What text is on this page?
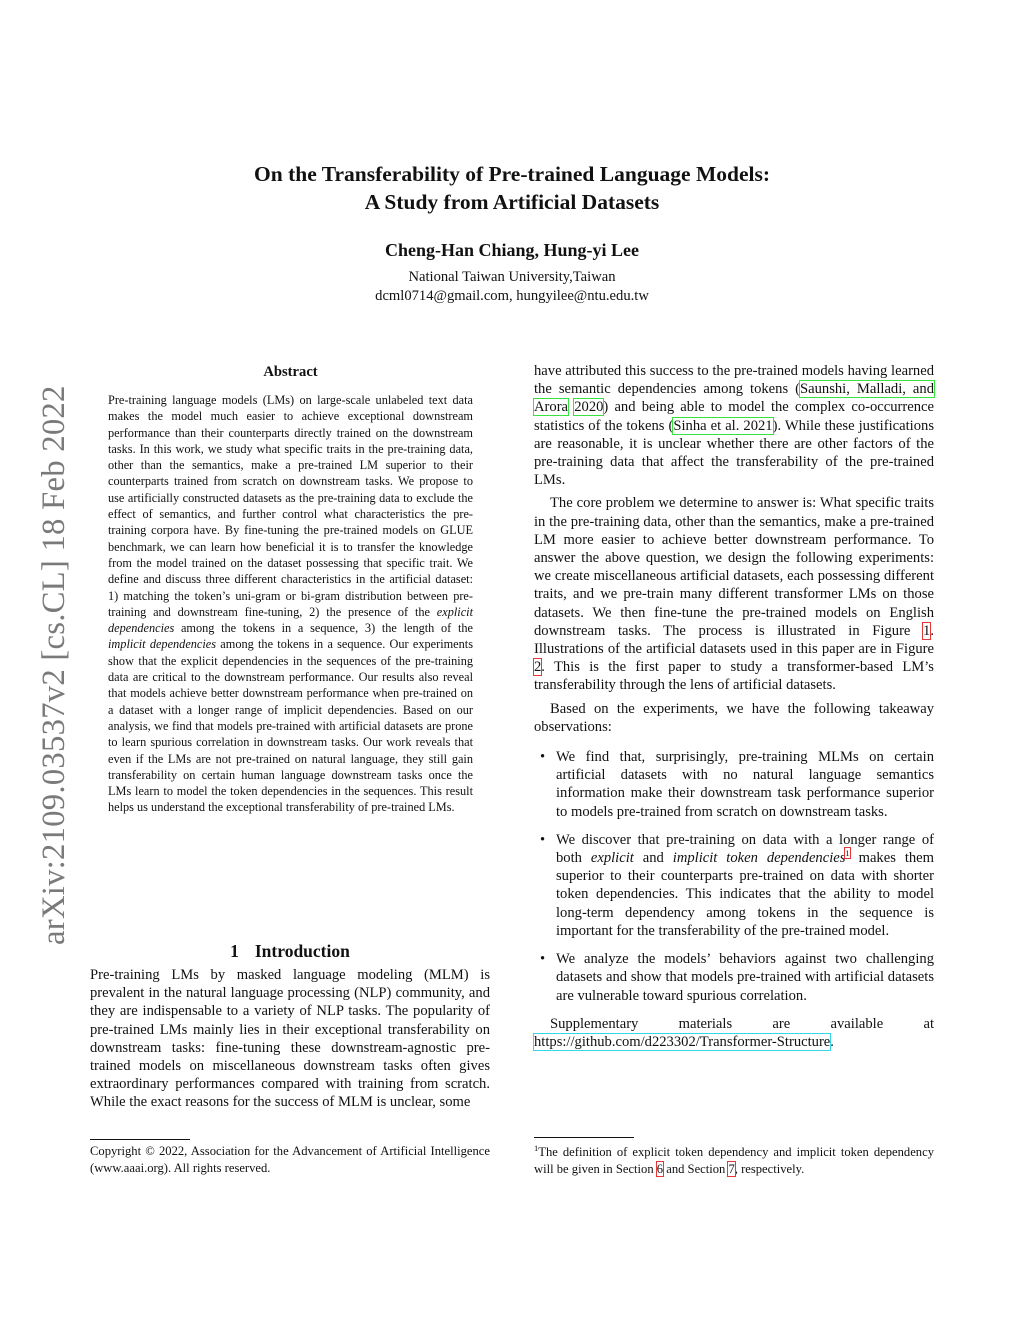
On the Transferability of Pre-trained Language Models:
A Study from Artificial Datasets
Cheng-Han Chiang, Hung-yi Lee
National Taiwan University,Taiwan
dcml0714@gmail.com, hungyilee@ntu.edu.tw
arXiv:2109.03537v2 [cs.CL] 18 Feb 2022
Abstract

Pre-training language models (LMs) on large-scale unlabeled text data makes the model much easier to achieve exceptional downstream performance than their counterparts directly trained on the downstream tasks. In this work, we study what specific traits in the pre-training data, other than the semantics, make a pre-trained LM superior to their counterparts trained from scratch on downstream tasks. We propose to use artificially constructed datasets as the pre-training data to exclude the effect of semantics, and further control what characteristics the pre-training corpora have. By fine-tuning the pre-trained models on GLUE benchmark, we can learn how beneficial it is to transfer the knowledge from the model trained on the dataset possessing that specific trait. We define and discuss three different characteristics in the artificial dataset: 1) matching the token’s uni-gram or bi-gram distribution between pre-training and downstream fine-tuning, 2) the presence of the explicit dependencies among the tokens in a sequence, 3) the length of the implicit dependencies among the tokens in a sequence. Our experiments show that the explicit dependencies in the sequences of the pre-training data are critical to the downstream performance. Our results also reveal that models achieve better downstream performance when pre-trained on a dataset with a longer range of implicit dependencies. Based on our analysis, we find that models pre-trained with artificial datasets are prone to learn spurious correlation in downstream tasks. Our work reveals that even if the LMs are not pre-trained on natural language, they still gain transferability on certain human language downstream tasks once the LMs learn to model the token dependencies in the sequences. This result helps us understand the exceptional transferability of pre-trained LMs.

1 Introduction

Pre-training LMs by masked language modeling (MLM) is prevalent in the natural language processing (NLP) community, and they are indispensable to a variety of NLP tasks. The popularity of pre-trained LMs mainly lies in their exceptional transferability on downstream tasks: fine-tuning these downstream-agnostic pre-trained models on miscellaneous downstream tasks often gives extraordinary performances compared with training from scratch. While the exact reasons for the success of MLM is unclear, some

Copyright © 2022, Association for the Advancement of Artificial Intelligence (www.aaai.org). All rights reserved.

have attributed this success to the pre-trained models having learned the semantic dependencies among tokens (Saunshi, Malladi, and Arora 2020) and being able to model the complex co-occurrence statistics of the tokens (Sinha et al. 2021). While these justifications are reasonable, it is unclear whether there are other factors of the pre-training data that affect the transferability of the pre-trained LMs.

The core problem we determine to answer is: What specific traits in the pre-training data, other than the semantics, make a pre-trained LM more easier to achieve better downstream performance. To answer the above question, we design the following experiments: we create miscellaneous artificial datasets, each possessing different traits, and we pre-train many different transformer LMs on those datasets. We then fine-tune the pre-trained models on English downstream tasks. The process is illustrated in Figure 1. Illustrations of the artificial datasets used in this paper are in Figure 2. This is the first paper to study a transformer-based LM’s transferability through the lens of artificial datasets.

Based on the experiments, we have the following takeaway observations:

• We find that, surprisingly, pre-training MLMs on certain artificial datasets with no natural language semantics information make their downstream task performance superior to models pre-trained from scratch on downstream tasks.
• We discover that pre-training on data with a longer range of both explicit and implicit token dependencies$^1$ makes them superior to their counterparts pre-trained on data with shorter token dependencies. This indicates that the ability to model long-term dependency among tokens in the sequence is important for the transferability of the pre-trained model.
• We analyze the models’ behaviors against two challenging datasets and show that models pre-trained with artificial datasets are vulnerable toward spurious correlation.

Supplementary materials are available at https://github.com/d223302/Transformer-Structure.

$^1$The definition of explicit token dependency and implicit token dependency will be given in Section 6 and Section 7, respectively.
